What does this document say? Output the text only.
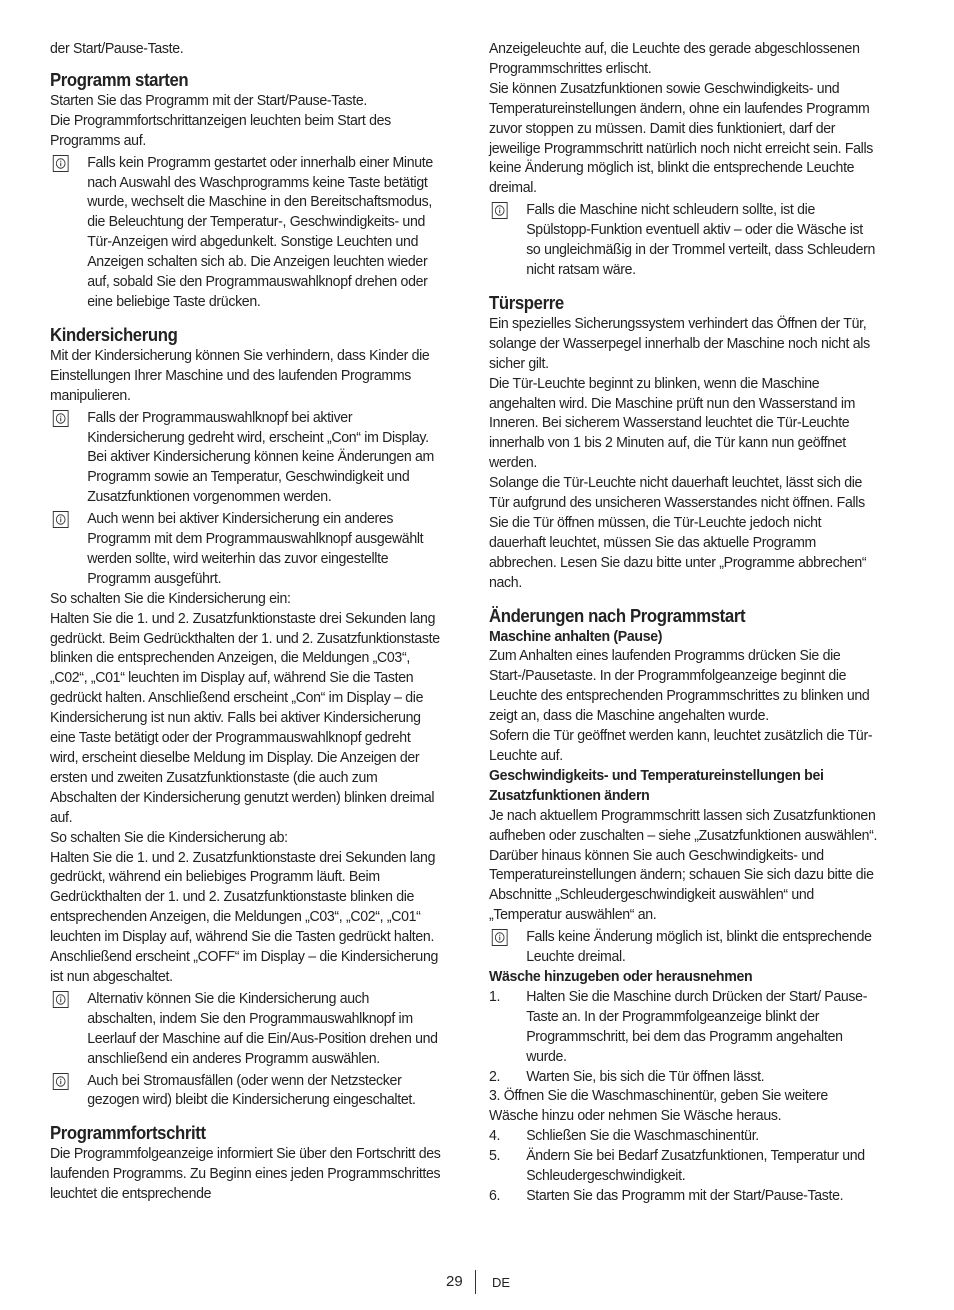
der Start/Pause-Taste.

Programm starten

Starten Sie das Programm mit der Start/Pause-Taste.
Die Programmfortschrittanzeigen leuchten beim Start des Programms auf.

Falls kein Programm gestartet oder innerhalb einer Minute nach Auswahl des Waschprogramms keine Taste betätigt wurde, wechselt die Maschine in den Bereitschaftsmodus, die Beleuchtung der Temperatur-, Geschwindigkeits- und Tür-Anzeigen wird abgedunkelt. Sonstige Leuchten und Anzeigen schalten sich ab. Die Anzeigen leuchten wieder auf, sobald Sie den Programmauswahlknopf drehen oder eine beliebige Taste drücken.

Kindersicherung

Mit der Kindersicherung können Sie verhindern, dass Kinder die Einstellungen Ihrer Maschine und des laufenden Programms manipulieren.

Falls der Programmauswahlknopf bei aktiver Kindersicherung gedreht wird, erscheint „Con“ im Display. Bei aktiver Kindersicherung können keine Änderungen am Programm sowie an Temperatur, Geschwindigkeit und Zusatzfunktionen vorgenommen werden.
Auch wenn bei aktiver Kindersicherung ein anderes Programm mit dem Programmauswahlknopf ausgewählt werden sollte, wird weiterhin das zuvor eingestellte Programm ausgeführt.

So schalten Sie die Kindersicherung ein:

Halten Sie die 1. und 2. Zusatzfunktionstaste drei Sekunden lang gedrückt. Beim Gedrückthalten der 1. und 2. Zusatzfunktionstaste blinken die entsprechenden Anzeigen, die Meldungen „C03“, „C02“, „C01“ leuchten im Display auf, während Sie die Tasten gedrückt halten. Anschließend erscheint „Con“ im Display – die Kindersicherung ist nun aktiv. Falls bei aktiver Kindersicherung eine Taste betätigt oder der Programmauswahlknopf gedreht wird, erscheint dieselbe Meldung im Display. Die Anzeigen der ersten und zweiten Zusatzfunktionstaste (die auch zum Abschalten der Kindersicherung genutzt werden) blinken dreimal auf.

So schalten Sie die Kindersicherung ab:

Halten Sie die 1. und 2. Zusatzfunktionstaste drei Sekunden lang gedrückt, während ein beliebiges Programm läuft. Beim Gedrückthalten der 1. und 2. Zusatzfunktionstaste blinken die entsprechenden Anzeigen, die Meldungen „C03“, „C02“, „C01“ leuchten im Display auf, während Sie die Tasten gedrückt halten. Anschließend erscheint „COFF“ im Display – die Kindersicherung ist nun abgeschaltet.

Alternativ können Sie die Kindersicherung auch abschalten, indem Sie den Programmauswahlknopf im Leerlauf der Maschine auf die Ein/Aus-Position drehen und anschließend ein anderes Programm auswählen.
Auch bei Stromausfällen (oder wenn der Netzstecker gezogen wird) bleibt die Kindersicherung eingeschaltet.

Programmfortschritt

Die Programmfolgeanzeige informiert Sie über den Fortschritt des laufenden Programms. Zu Beginn eines jeden Programmschrittes leuchtet die entsprechende

Anzeigeleuchte auf, die Leuchte des gerade abgeschlossenen Programmschrittes erlischt.
Sie können Zusatzfunktionen sowie Geschwindigkeits- und Temperatureinstellungen ändern, ohne ein laufendes Programm zuvor stoppen zu müssen. Damit dies funktioniert, darf der jeweilige Programmschritt natürlich noch nicht erreicht sein. Falls keine Änderung möglich ist, blinkt die entsprechende Leuchte dreimal.

Falls die Maschine nicht schleudern sollte, ist die Spülstopp-Funktion eventuell aktiv – oder die Wäsche ist so ungleichmäßig in der Trommel verteilt, dass Schleudern nicht ratsam wäre.

Türsperre

Ein spezielles Sicherungssystem verhindert das Öffnen der Tür, solange der Wasserpegel innerhalb der Maschine noch nicht als sicher gilt.

Die Tür-Leuchte beginnt zu blinken, wenn die Maschine angehalten wird. Die Maschine prüft nun den Wasserstand im Inneren. Bei sicherem Wasserstand leuchtet die Tür-Leuchte innerhalb von 1 bis 2 Minuten auf, die Tür kann nun geöffnet werden.

Solange die Tür-Leuchte nicht dauerhaft leuchtet, lässt sich die Tür aufgrund des unsicheren Wasserstandes nicht öffnen. Falls Sie die Tür öffnen müssen, die Tür-Leuchte jedoch nicht dauerhaft leuchtet, müssen Sie das aktuelle Programm abbrechen. Lesen Sie dazu bitte unter „Programme abbrechen“ nach.

Änderungen nach Programmstart

Maschine anhalten (Pause)

Zum Anhalten eines laufenden Programms drücken Sie die Start-/Pausetaste. In der Programmfolgeanzeige beginnt die Leuchte des entsprechenden Programmschrittes zu blinken und zeigt an, dass die Maschine angehalten wurde.

Sofern die Tür geöffnet werden kann, leuchtet zusätzlich die Tür-Leuchte auf.

Geschwindigkeits- und Temperatureinstellungen bei Zusatzfunktionen ändern

Je nach aktuellem Programmschritt lassen sich Zusatzfunktionen aufheben oder zuschalten – siehe „Zusatzfunktionen auswählen“.

Darüber hinaus können Sie auch Geschwindigkeits- und Temperatureinstellungen ändern; schauen Sie sich dazu bitte die Abschnitte „Schleudergeschwindigkeit auswählen“ und „Temperatur auswählen“ an.

Falls keine Änderung möglich ist, blinkt die entsprechende Leuchte dreimal.

Wäsche hinzugeben oder herausnehmen

1. Halten Sie die Maschine durch Drücken der Start/ Pause-Taste an. In der Programmfolgeanzeige blinkt der Programmschritt, bei dem das Programm angehalten wurde.
2. Warten Sie, bis sich die Tür öffnen lässt.
3. Öffnen Sie die Waschmaschinentür, geben Sie weitere Wäsche hinzu oder nehmen Sie Wäsche heraus.
4. Schließen Sie die Waschmaschinentür.
5. Ändern Sie bei Bedarf Zusatzfunktionen, Temperatur und Schleudergeschwindigkeit.
6. Starten Sie das Programm mit der Start/Pause-Taste.
29 DE
